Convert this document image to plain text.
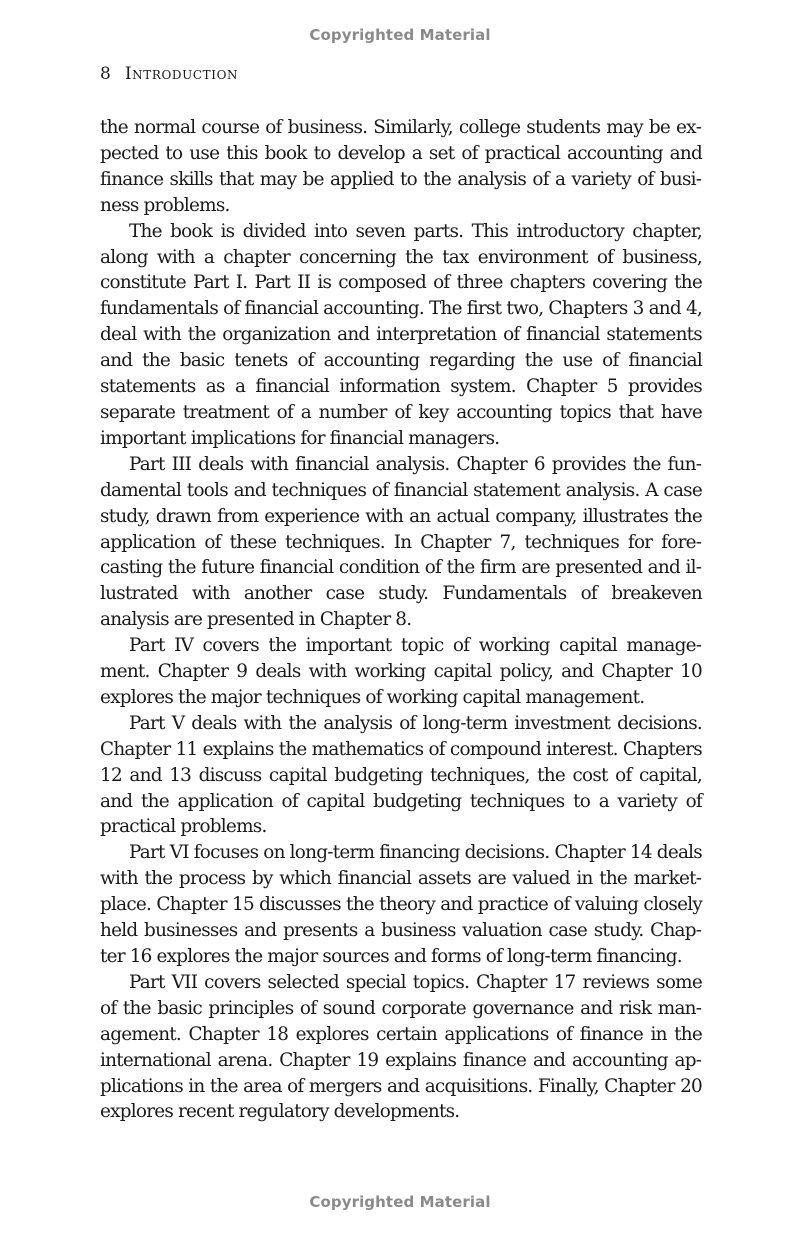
Copyrighted Material
8 Introduction

the normal course of business. Similarly, college students may be expected to use this book to develop a set of practical accounting and finance skills that may be applied to the analysis of a variety of business problems.

The book is divided into seven parts. This introductory chapter, along with a chapter concerning the tax environment of business, constitute Part I. Part II is composed of three chapters covering the fundamentals of financial accounting. The first two, Chapters 3 and 4, deal with the organization and interpretation of financial statements and the basic tenets of accounting regarding the use of financial statements as a financial information system. Chapter 5 provides separate treatment of a number of key accounting topics that have important implications for financial managers.

Part III deals with financial analysis. Chapter 6 provides the fundamental tools and techniques of financial statement analysis. A case study, drawn from experience with an actual company, illustrates the application of these techniques. In Chapter 7, techniques for forecasting the future financial condition of the firm are presented and illustrated with another case study. Fundamentals of breakeven analysis are presented in Chapter 8.

Part IV covers the important topic of working capital management. Chapter 9 deals with working capital policy, and Chapter 10 explores the major techniques of working capital management.

Part V deals with the analysis of long-term investment decisions. Chapter 11 explains the mathematics of compound interest. Chapters 12 and 13 discuss capital budgeting techniques, the cost of capital, and the application of capital budgeting techniques to a variety of practical problems.

Part VI focuses on long-term financing decisions. Chapter 14 deals with the process by which financial assets are valued in the marketplace. Chapter 15 discusses the theory and practice of valuing closely held businesses and presents a business valuation case study. Chapter 16 explores the major sources and forms of long-term financing.

Part VII covers selected special topics. Chapter 17 reviews some of the basic principles of sound corporate governance and risk management. Chapter 18 explores certain applications of finance in the international arena. Chapter 19 explains finance and accounting applications in the area of mergers and acquisitions. Finally, Chapter 20 explores recent regulatory developments.

Copyrighted Material
